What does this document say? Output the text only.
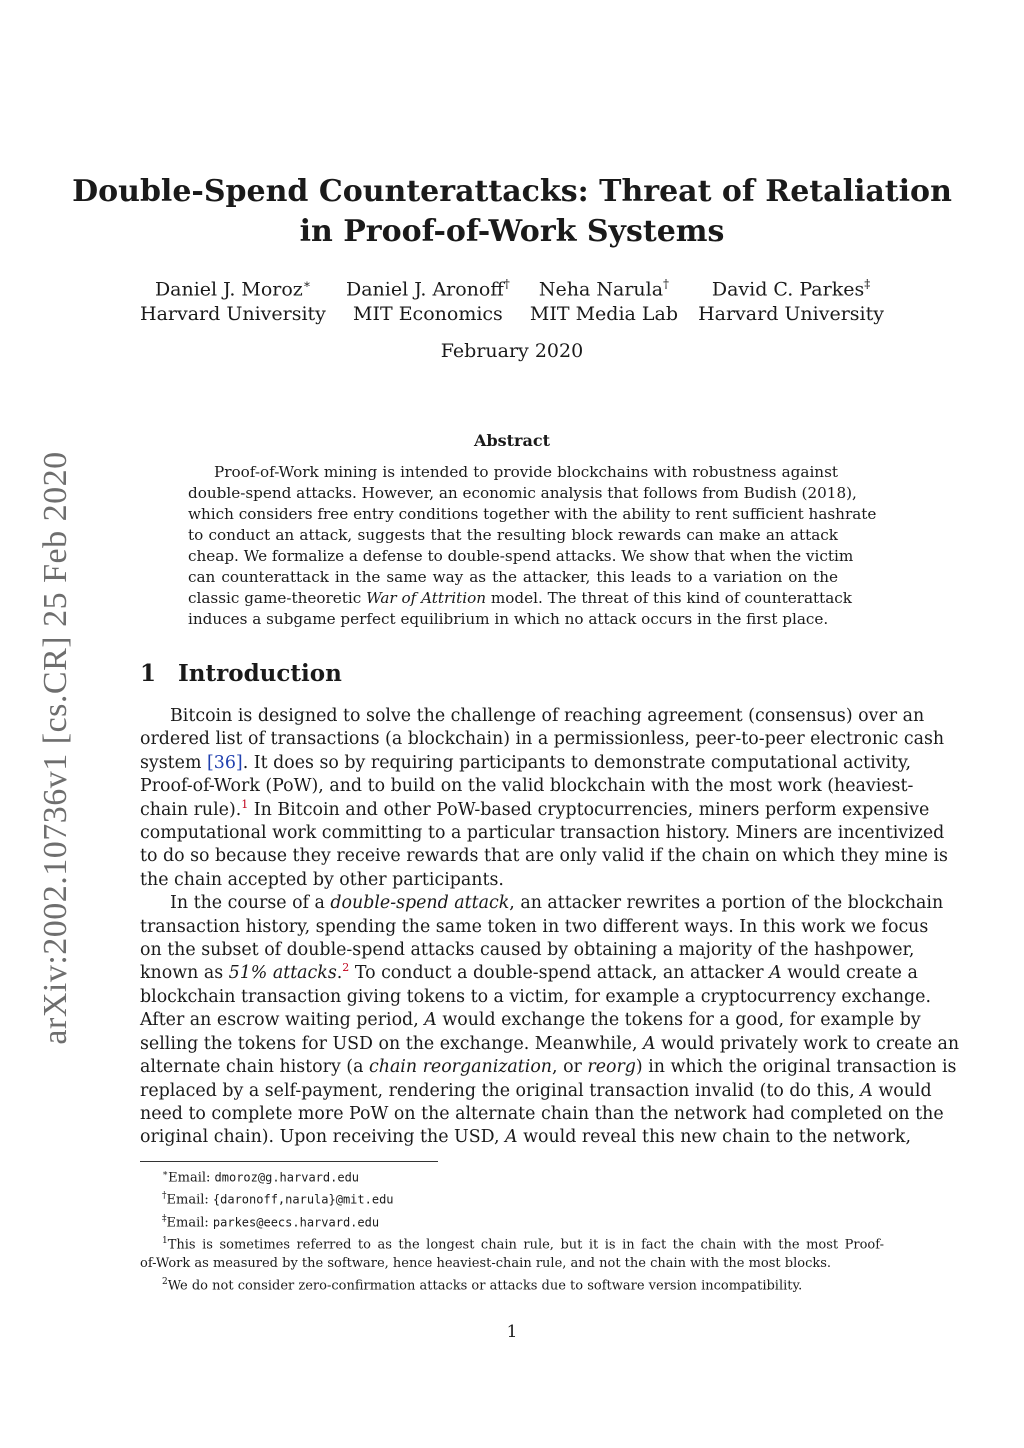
Double-Spend Counterattacks: Threat of Retaliation
in Proof-of-Work Systems
Daniel J. Moroz∗
Harvard University
Daniel J. Aronoff†
MIT Economics
Neha Narula†
MIT Media Lab
David C. Parkes‡
Harvard University
February 2020
Abstract
Proof-of-Work mining is intended to provide blockchains with robustness against
double-spend attacks. However, an economic analysis that follows from Budish (2018),
which considers free entry conditions together with the ability to rent sufficient hashrate
to conduct an attack, suggests that the resulting block rewards can make an attack
cheap. We formalize a defense to double-spend attacks. We show that when the victim
can counterattack in the same way as the attacker, this leads to a variation on the
classic game-theoretic War of Attrition model. The threat of this kind of counterattack
induces a subgame perfect equilibrium in which no attack occurs in the first place.
1 Introduction
Bitcoin is designed to solve the challenge of reaching agreement (consensus) over an
ordered list of transactions (a blockchain) in a permissionless, peer-to-peer electronic cash
system [36]. It does so by requiring participants to demonstrate computational activity,
Proof-of-Work (PoW), and to build on the valid blockchain with the most work (heaviest-
chain rule).$^1$ In Bitcoin and other PoW-based cryptocurrencies, miners perform expensive
computational work committing to a particular transaction history. Miners are incentivized
to do so because they receive rewards that are only valid if the chain on which they mine is
the chain accepted by other participants.
In the course of a double-spend attack, an attacker rewrites a portion of the blockchain
transaction history, spending the same token in two different ways. In this work we focus
on the subset of double-spend attacks caused by obtaining a majority of the hashpower,
known as 51% attacks.$^2$ To conduct a double-spend attack, an attacker A would create a
blockchain transaction giving tokens to a victim, for example a cryptocurrency exchange.
After an escrow waiting period, A would exchange the tokens for a good, for example by
selling the tokens for USD on the exchange. Meanwhile, A would privately work to create an
alternate chain history (a chain reorganization, or reorg) in which the original transaction is
replaced by a self-payment, rendering the original transaction invalid (to do this, A would
need to complete more PoW on the alternate chain than the network had completed on the
original chain). Upon receiving the USD, A would reveal this new chain to the network,
∗Email: dmoroz@g.harvard.edu
†Email: {daronoff,narula}@mit.edu
‡Email: parkes@eecs.harvard.edu
$^1$This is sometimes referred to as the longest chain rule, but it is in fact the chain with the most Proof-
of-Work as measured by the software, hence heaviest-chain rule, and not the chain with the most blocks.
$^2$We do not consider zero-confirmation attacks or attacks due to software version incompatibility.
1
arXiv:2002.10736v1 [cs.CR] 25 Feb 2020
